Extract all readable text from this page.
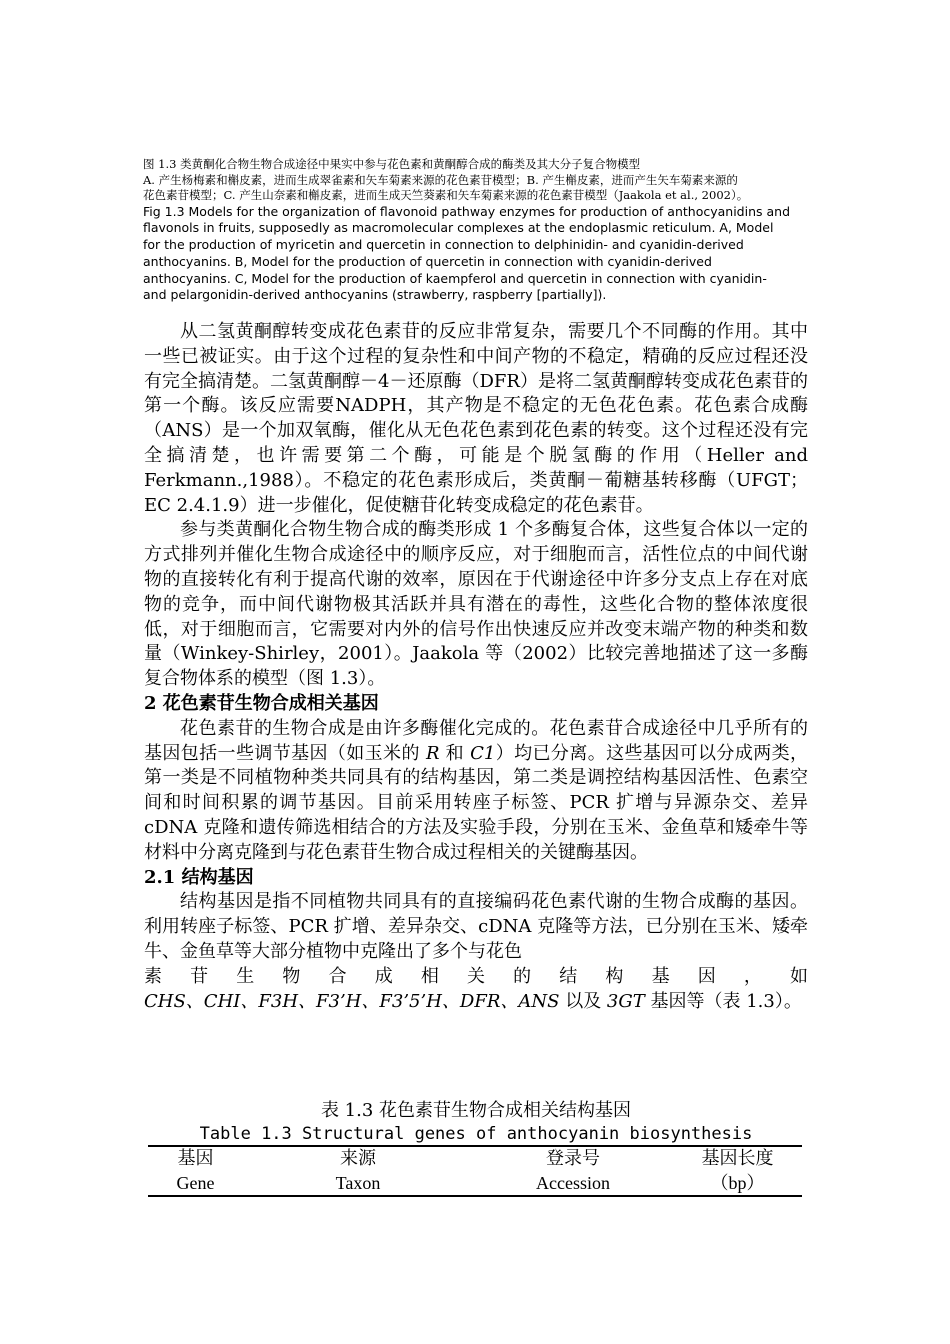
图 1.3 类黄酮化合物生物合成途径中果实中参与花色素和黄酮醇合成的酶类及其大分子复合物模型

A. 产生杨梅素和槲皮素，进而生成翠雀素和矢车菊素来源的花色素苷模型；B. 产生槲皮素，进而产生矢车菊素来源的

花色素苷模型；C. 产生山奈素和槲皮素，进而生成天竺葵素和矢车菊素来源的花色素苷模型（Jaakola et al., 2002）。

Fig 1.3 Models for the organization of flavonoid pathway enzymes for production of anthocyanidins and

flavonols in fruits, supposedly as macromolecular complexes at the endoplasmic reticulum. A, Model

for the production of myricetin and quercetin in connection to delphinidin- and cyanidin-derived

anthocyanins. B, Model for the production of quercetin in connection with cyanidin-derived

anthocyanins. C, Model for the production of kaempferol and quercetin in connection with cyanidin-

and pelargonidin-derived anthocyanins (strawberry, raspberry [partially]).

从二氢黄酮醇转变成花色素苷的反应非常复杂，需要几个不同酶的作用。其中一些已被证实。由于这个过程的复杂性和中间产物的不稳定，精确的反应过程还没有完全搞清楚。二氢黄酮醇－4－还原酶（DFR）是将二氢黄酮醇转变成花色素苷的第一个酶。该反应需要NADPH，其产物是不稳定的无色花色素。花色素合成酶（ANS）是一个加双氧酶，催化从无色花色素到花色素的转变。这个过程还没有完全搞清楚，也许需要第二个酶，可能是个脱氢酶的作用（Heller and Ferkmann.,1988）。不稳定的花色素形成后，类黄酮－葡糖基转移酶（UFGT；EC 2.4.1.9）进一步催化，促使糖苷化转变成稳定的花色素苷。

参与类黄酮化合物生物合成的酶类形成 1 个多酶复合体，这些复合体以一定的方式排列并催化生物合成途径中的顺序反应，对于细胞而言，活性位点的中间代谢物的直接转化有利于提高代谢的效率，原因在于代谢途径中许多分支点上存在对底物的竞争，而中间代谢物极其活跃并具有潜在的毒性，这些化合物的整体浓度很低，对于细胞而言，它需要对内外的信号作出快速反应并改变末端产物的种类和数量（Winkey-Shirley，2001）。Jaakola 等（2002）比较完善地描述了这一多酶复合物体系的模型（图 1.3）。

2 花色素苷生物合成相关基因

花色素苷的生物合成是由许多酶催化完成的。花色素苷合成途径中几乎所有的基因包括一些调节基因（如玉米的 R 和 C1）均已分离。这些基因可以分成两类，第一类是不同植物种类共同具有的结构基因，第二类是调控结构基因活性、色素空间和时间积累的调节基因。目前采用转座子标签、PCR 扩增与异源杂交、差异 cDNA 克隆和遗传筛选相结合的方法及实验手段，分别在玉米、金鱼草和矮牵牛等材料中分离克隆到与花色素苷生物合成过程相关的关键酶基因。

2.1 结构基因

结构基因是指不同植物共同具有的直接编码花色素代谢的生物合成酶的基因。利用转座子标签、PCR 扩增、差异杂交、cDNA 克隆等方法，已分别在玉米、矮牵牛、金鱼草等大部分植物中克隆出了多个与花色

素 苷 生 物 合 成 相 关 的 结 构 基 因 ， 如

CHS、CHI、F3H、F3’H、F3’5’H、DFR、ANS 以及 3GT 基因等（表 1.3）。

表 1.3 花色素苷生物合成相关结构基因

Table 1.3 Structural genes of anthocyanin biosynthesis

基因	来源	登录号	基因长度
Gene	Taxon	Accession	（bp）
